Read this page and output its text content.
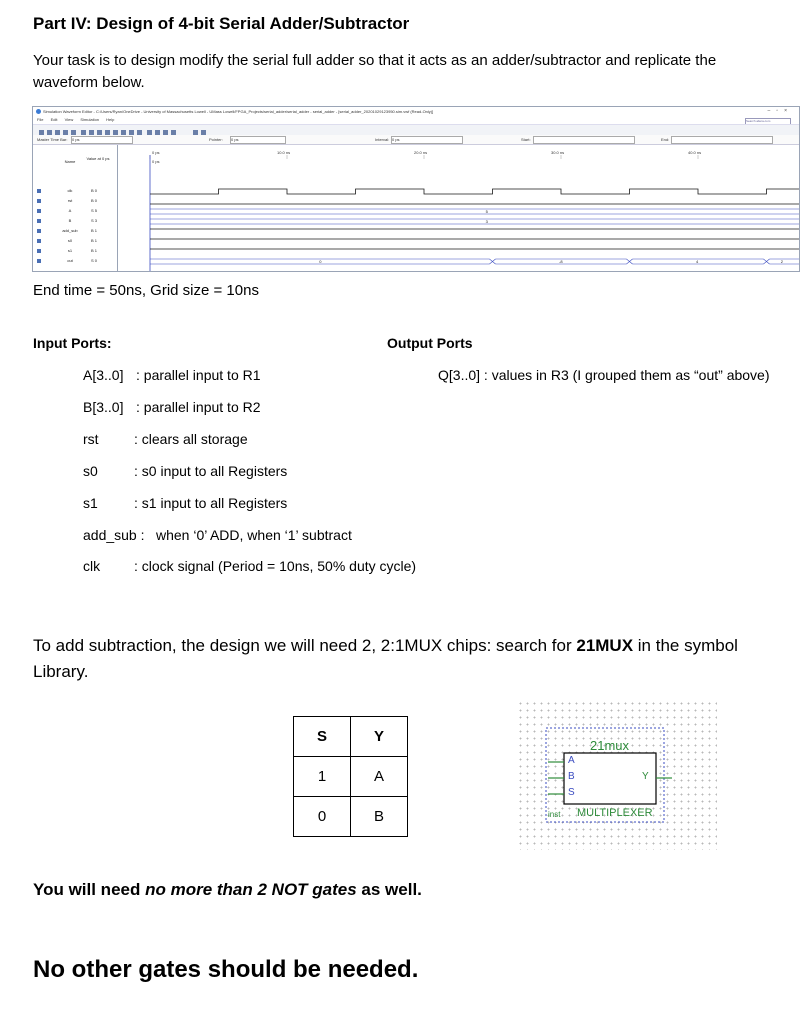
Part IV: Design of 4-bit Serial Adder/Subtractor
Your task is to design modify the serial full adder so that it acts as an adder/subtractor and replicate the
waveform below.
Simulation Waveform Editor - C:/Users/Ryan/OneDrive - University of Massachusetts Lowell - UMass Lowell/FPGA_Projects/serial_adder/serial_adder - serial_adder - [serial_adder_20201029123950.sim.vwf (Read-Only)]	–▫×
File Edit View Simulation Help	Search altera.com
Master Time Bar: 0 ps	Pointer: 0 ps	Interval: 0 ps	Start:	End:
Name
Value at 0 ps
clk	B 0
rst	B 0
A	S 5
B	S 3
add_sub	B 1
s0	B 1
s1	B 1
out	S 0
0 ps	10.0 ns	20.0 ns	30.0 ns	40.0 ns
0 ps
5
3
0	-8	4	2
End time = 50ns, Grid size = 10ns
Input Ports:	Output Ports
A[3..0] : parallel input to R1
B[3..0] : parallel input to R2
rst	: clears all storage
s0	: s0 input to all Registers
s1	: s1 input to all Registers
add_sub : when ‘0’ ADD, when ‘1’ subtract
clk : clock signal (Period = 10ns, 50% duty cycle)
Q[3..0] : values in R3 (I grouped them as “out” above)
To add subtraction, the design we will need 2, 2:1MUX chips: search for 21MUX in the symbol
Library.
S	Y
1	A
0	B
21mux
A
B
S
Y
inst MULTIPLEXER
You will need no more than 2 NOT gates as well.
No other gates should be needed.
